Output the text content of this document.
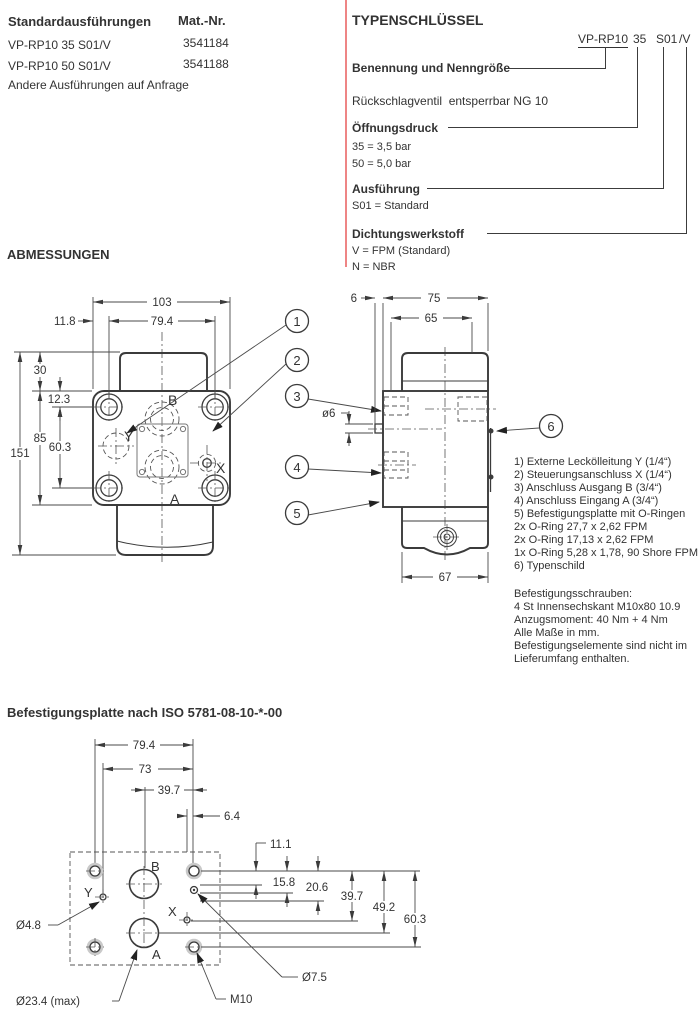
Standardausführungen Mat.-Nr.
VP-RP10 35 S01/V	3541184
VP-RP10 50 S01/V	3541188
Andere Ausführungen auf Anfrage
TYPENSCHLÜSSEL
VP-RP10 35 S01 /V
Benennung und Nenngröße
Rückschlagventil  entsperrbar NG 10
Öffnungsdruck
35 = 3,5 bar
50 = 5,0 bar
Ausführung
S01 = Standard
Dichtungswerkstoff
V = FPM (Standard)
N = NBR
ABMESSUNGEN
B
A
Y
X
103
79.4
11.8
151
30
85
12.3
60.3
1
2
3
4
5
6
6	75
65
ø6
67
1) Externe Leckölleitung Y (1/4“)
2) Steuerungsanschluss X (1/4“)
3) Anschluss Ausgang B (3/4“)
4) Anschluss Eingang A (3/4“)
5) Befestigungsplatte mit O-Ringen
2x O-Ring 27,7 x 2,62 FPM
2x O-Ring 17,13 x 2,62 FPM
1x O-Ring 5,28 x 1,78, 90 Shore FPM
6) Typenschild
Befestigungsschrauben:
4 St Innensechskant M10x80 10.9
Anzugsmoment: 40 Nm + 4 Nm
Alle Maße in mm.
Befestigungselemente sind nicht im
Lieferumfang enthalten.
Befestigungsplatte nach ISO 5781-08-10-*-00
79.4
73
39.7
6.4
B
A
Y
X
11.1
15.8 20.6
39.7
49.2
60.3
Ø4.8
Ø23.4 (max)	M10
Ø7.5
